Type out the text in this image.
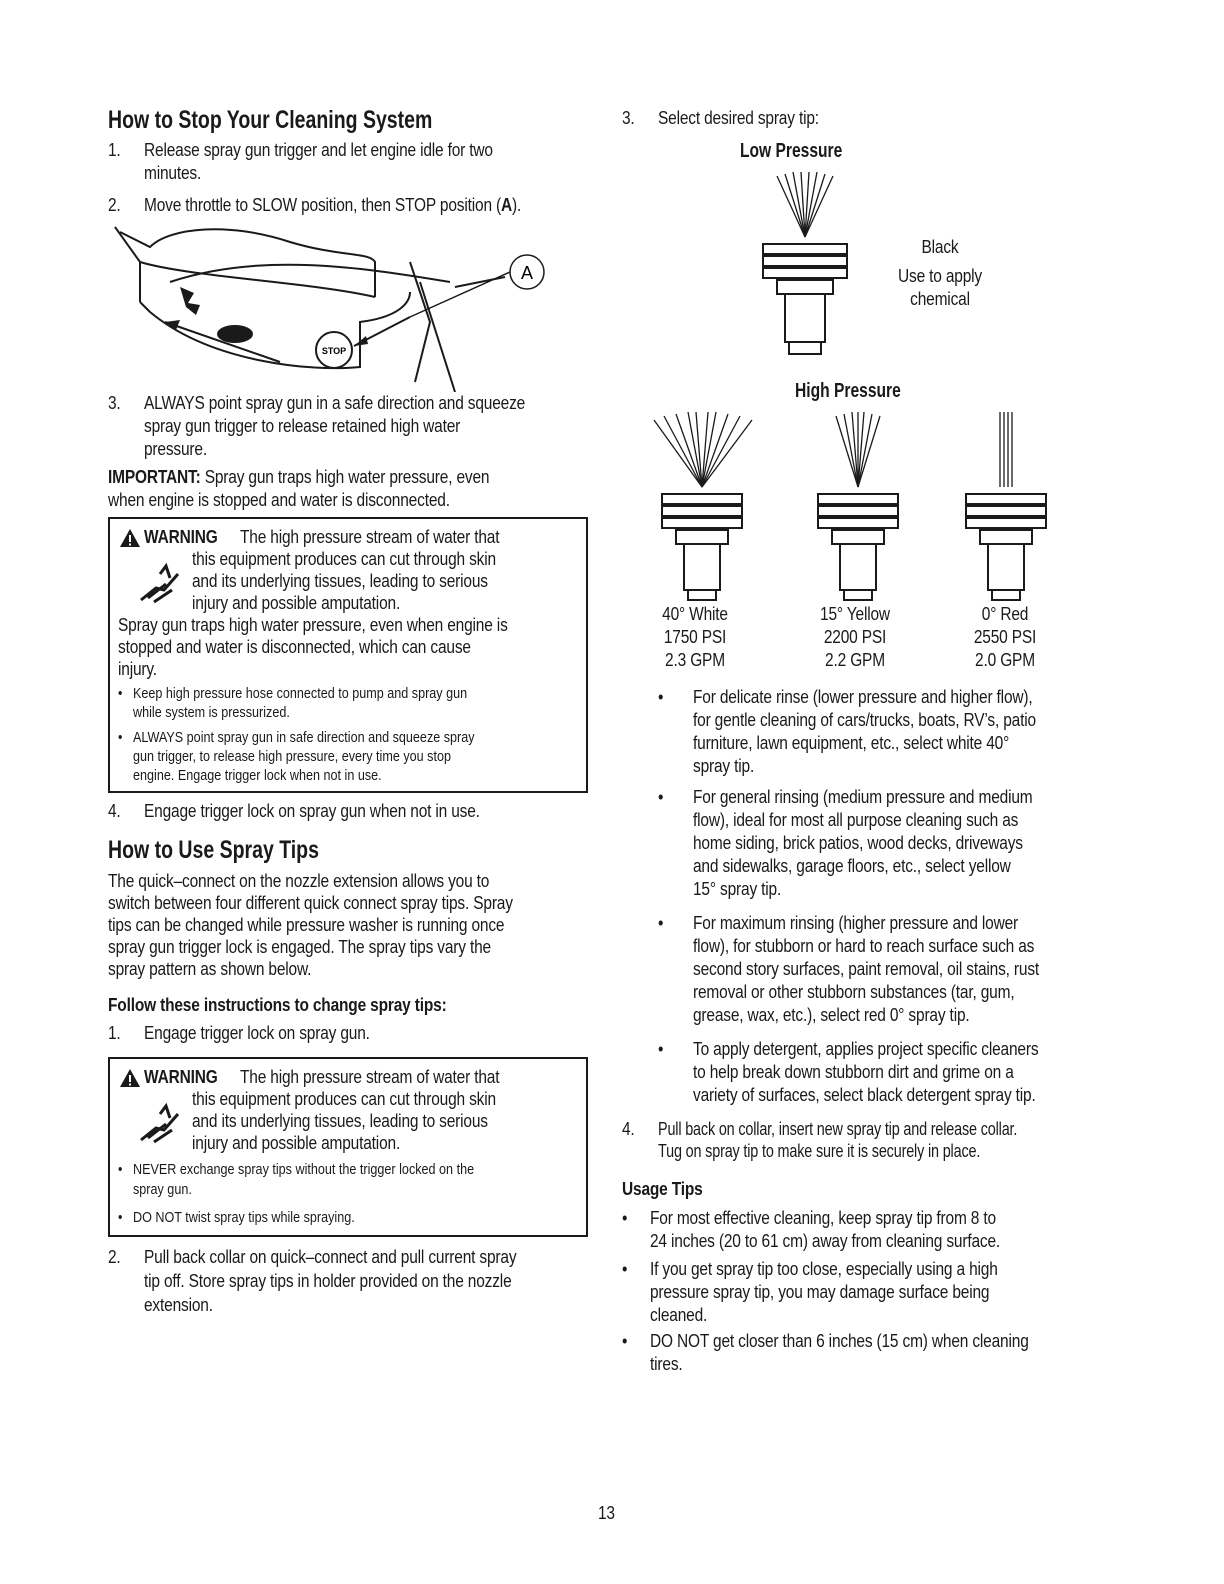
How to Stop Your Cleaning System
1. Release spray gun trigger and let engine idle for two
minutes.
2. Move throttle to SLOW position, then STOP position (A).
STOP
A
3. ALWAYS point spray gun in a safe direction and squeeze
spray gun trigger to release retained high water
pressure.
IMPORTANT: Spray gun traps high water pressure, even
when engine is stopped and water is disconnected.
WARNING The high pressure stream of water that
this equipment produces can cut through skin
and its underlying tissues, leading to serious
injury and possible amputation.
Spray gun traps high water pressure, even when engine is
stopped and water is disconnected, which can cause
injury.
• Keep high pressure hose connected to pump and spray gun
while system is pressurized.
• ALWAYS point spray gun in safe direction and squeeze spray
gun trigger, to release high pressure, every time you stop
engine. Engage trigger lock when not in use.
4. Engage trigger lock on spray gun when not in use.
How to Use Spray Tips
The quick–connect on the nozzle extension allows you to
switch between four different quick connect spray tips. Spray
tips can be changed while pressure washer is running once
spray gun trigger lock is engaged. The spray tips vary the
spray pattern as shown below.
Follow these instructions to change spray tips:
1. Engage trigger lock on spray gun.
WARNING The high pressure stream of water that
this equipment produces can cut through skin
and its underlying tissues, leading to serious
injury and possible amputation.
• NEVER exchange spray tips without the trigger locked on the
spray gun.
• DO NOT twist spray tips while spraying.
2. Pull back collar on quick–connect and pull current spray
tip off. Store spray tips in holder provided on the nozzle
extension.
3. Select desired spray tip:
Low Pressure
Black
Use to apply
chemical
High Pressure
40° White
1750 PSI
2.3 GPM
15° Yellow
2200 PSI
2.2 GPM
0° Red
2550 PSI
2.0 GPM
• For delicate rinse (lower pressure and higher flow),
for gentle cleaning of cars/trucks, boats, RV’s, patio
furniture, lawn equipment, etc., select white 40°
spray tip.
• For general rinsing (medium pressure and medium
flow), ideal for most all purpose cleaning such as
home siding, brick patios, wood decks, driveways
and sidewalks, garage floors, etc., select yellow
15° spray tip.
• For maximum rinsing (higher pressure and lower
flow), for stubborn or hard to reach surface such as
second story surfaces, paint removal, oil stains, rust
removal or other stubborn substances (tar, gum,
grease, wax, etc.), select red 0° spray tip.
• To apply detergent, applies project specific cleaners
to help break down stubborn dirt and grime on a
variety of surfaces, select black detergent spray tip.
4. Pull back on collar, insert new spray tip and release collar.
Tug on spray tip to make sure it is securely in place.
Usage Tips
• For most effective cleaning, keep spray tip from 8 to
24 inches (20 to 61 cm) away from cleaning surface.
• If you get spray tip too close, especially using a high
pressure spray tip, you may damage surface being
cleaned.
• DO NOT get closer than 6 inches (15 cm) when cleaning
tires.
13
